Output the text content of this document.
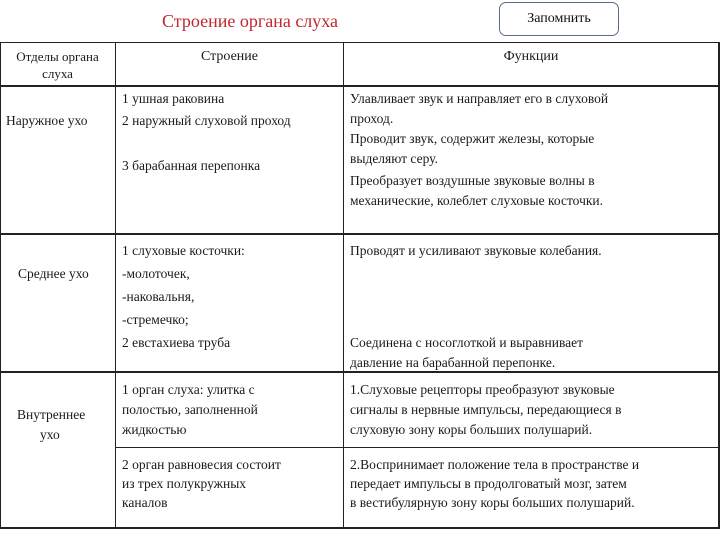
Строение органа слуха	Запомнить
Отделы органа
слуха
Строение	Функции
Наружное ухо
1 ушная раковина
2 наружный слуховой проход
3 барабанная перепонка
Улавливает звук и направляет его в слуховой
проход.
Проводит звук, содержит железы, которые
выделяют серу.
Преобразует воздушные звуковые волны в
механические, колеблет слуховые косточки.
Среднее ухо
1 слуховые косточки:
-молоточек,
-наковальня,
-стремечко;
2 евстахиева труба
Проводят и усиливают звуковые колебания.
Соединена с носоглоткой и выравнивает
давление на барабанной перепонке.
Внутреннее
ухо
1 орган слуха: улитка с
полостью, заполненной
жидкостью
2 орган равновесия состоит
из трех полукружных
каналов
1.Слуховые рецепторы преобразуют звуковые
сигналы в нервные импульсы, передающиеся в
слуховую зону коры больших полушарий.
2.Воспринимает положение тела в пространстве и
передает импульсы в продолговатый мозг, затем
в вестибулярную зону коры больших полушарий.
